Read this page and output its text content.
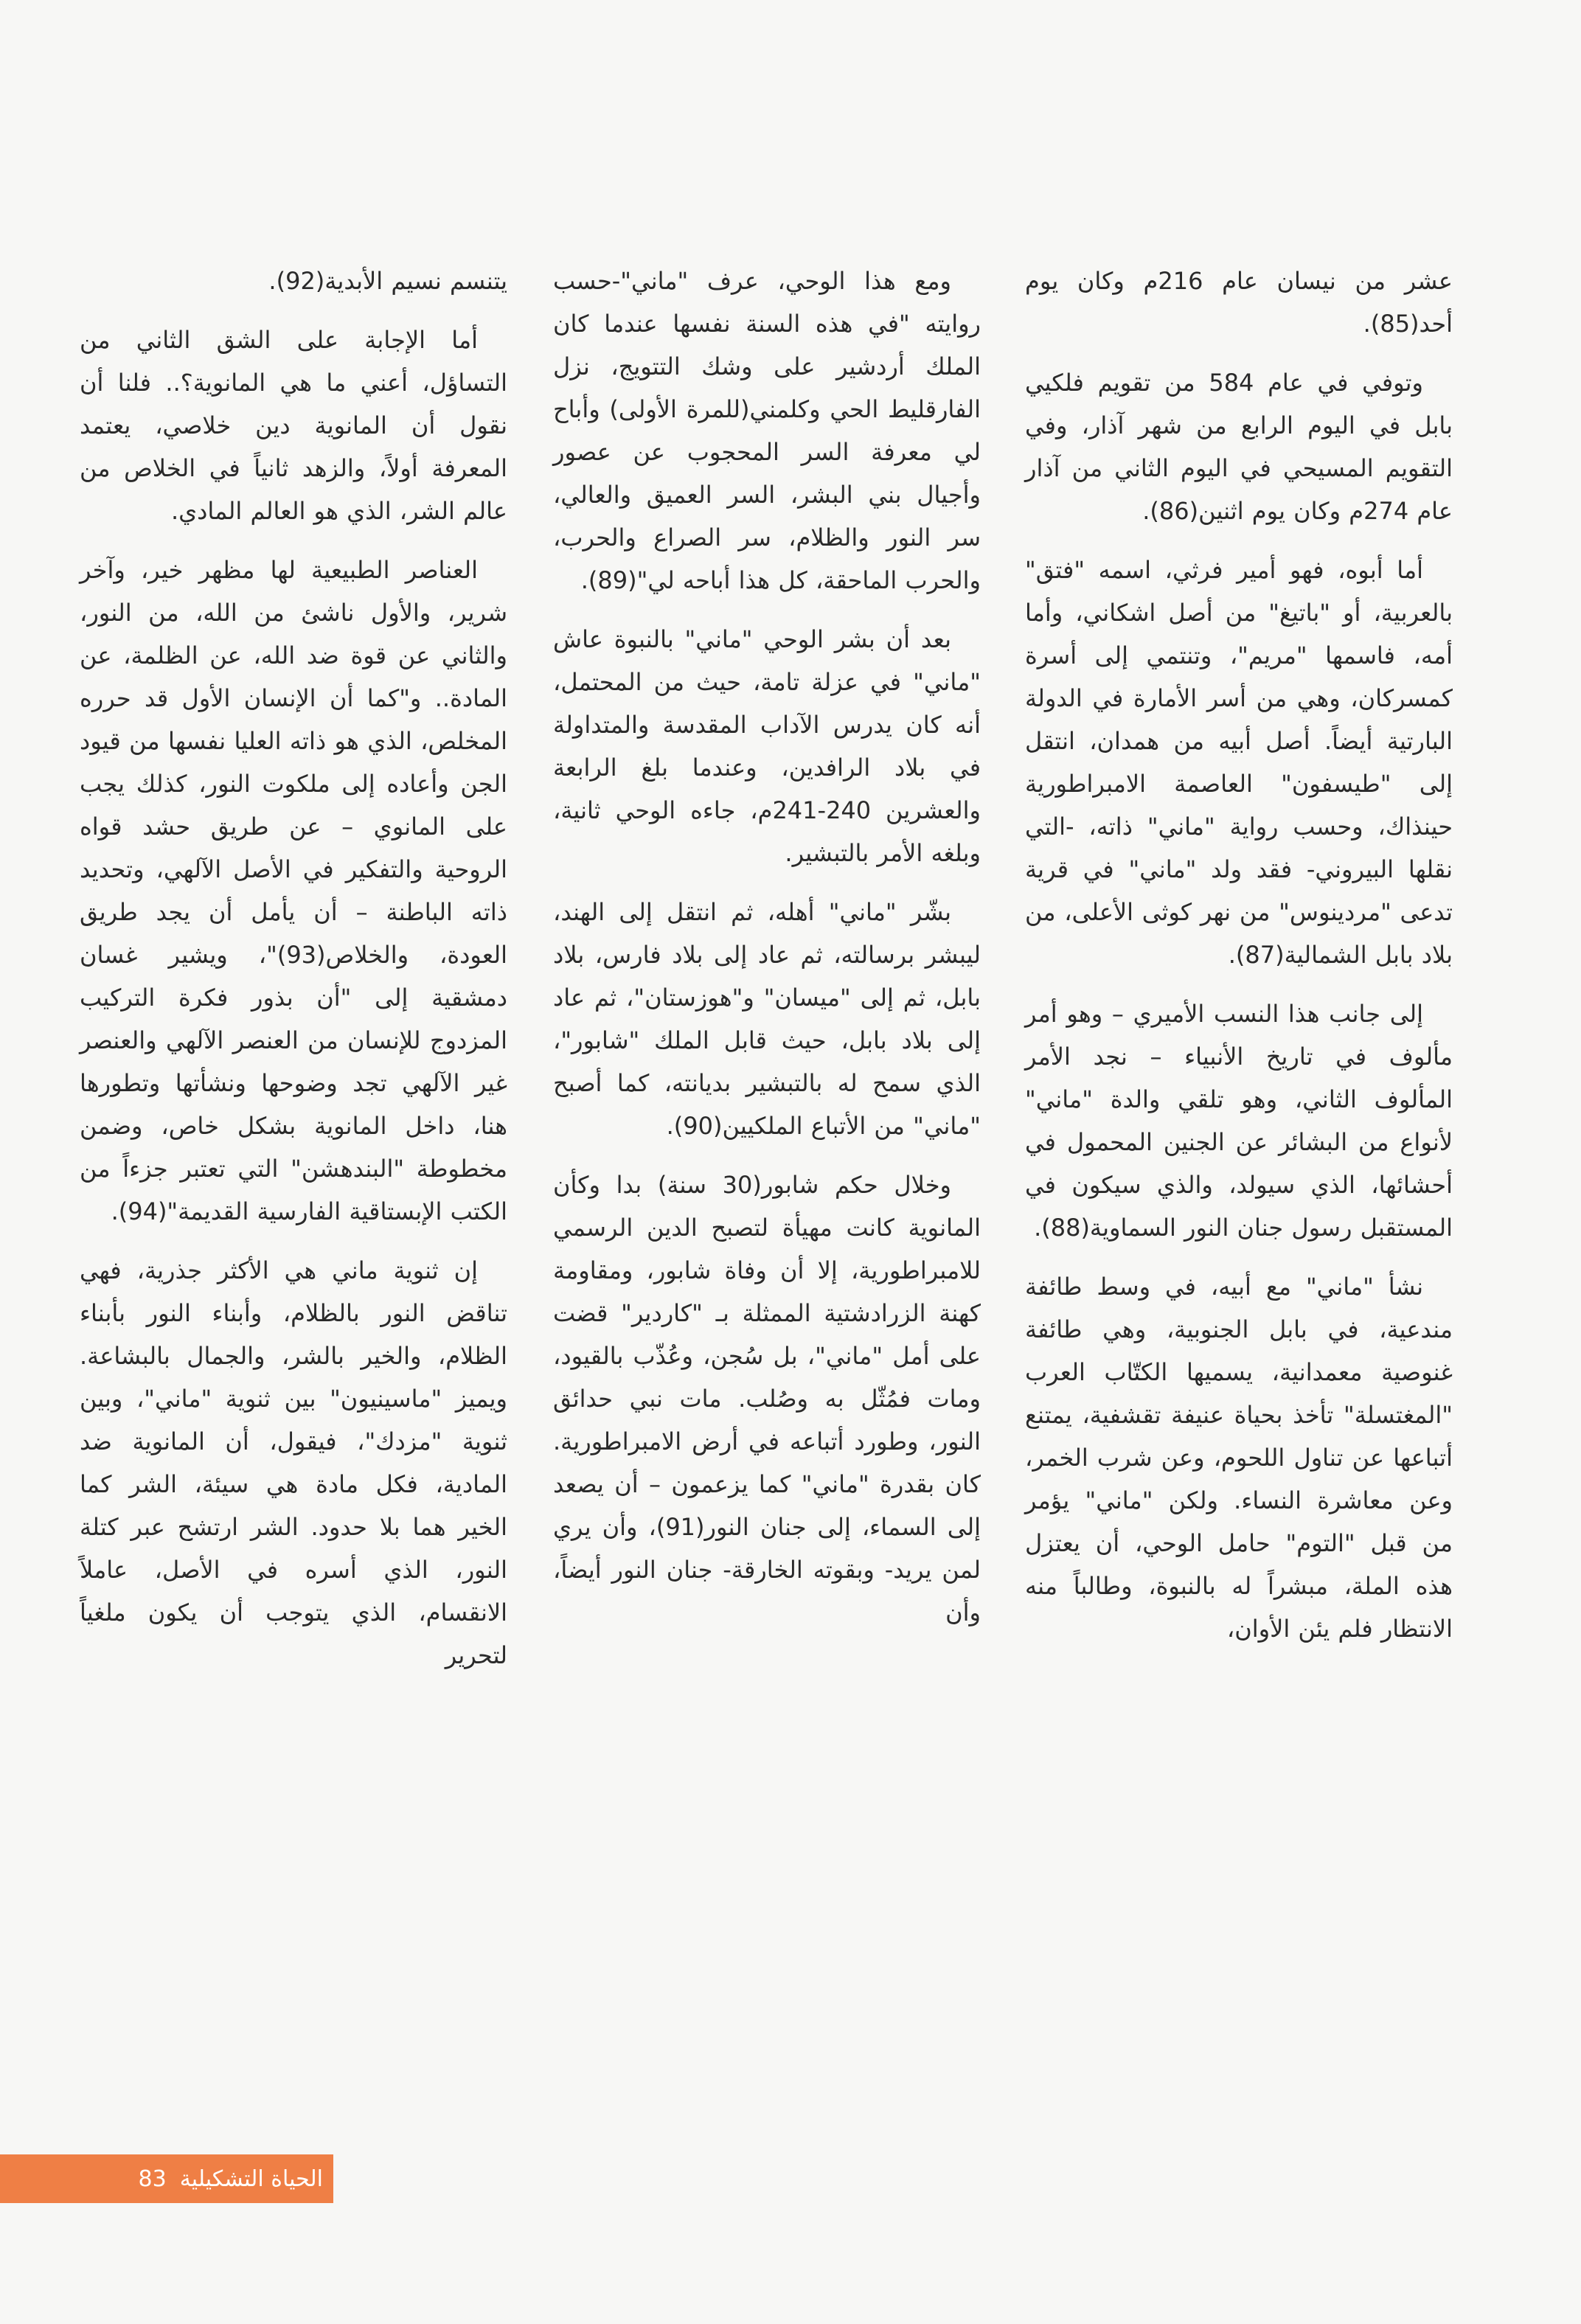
عشر من نيسان عام 216م وكان يوم أحد(85).

وتوفي في عام 584 من تقويم فلكيي بابل في اليوم الرابع من شهر آذار، وفي التقويم المسيحي في اليوم الثاني من آذار عام 274م وكان يوم اثنين(86).

أما أبوه، فهو أمير فرثي، اسمه "فتق" بالعربية، أو "باتيغ" من أصل اشكاني، وأما أمه، فاسمها "مريم"، وتنتمي إلى أسرة كمسركان، وهي من أسر الأمارة في الدولة البارتية أيضاً. أصل أبيه من همدان، انتقل إلى "طيسفون" العاصمة الامبراطورية حينذاك، وحسب رواية "ماني" ذاته، -التي نقلها البيروني- فقد ولد "ماني" في قرية تدعى "مردينوس" من نهر كوثى الأعلى، من بلاد بابل الشمالية(87).

إلى جانب هذا النسب الأميري – وهو أمر مألوف في تاريخ الأنبياء – نجد الأمر المألوف الثاني، وهو تلقي والدة "ماني" لأنواع من البشائر عن الجنين المحمول في أحشائها، الذي سيولد، والذي سيكون في المستقبل رسول جنان النور السماوية(88).

نشأ "ماني" مع أبيه، في وسط طائفة مندعية، في بابل الجنوبية، وهي طائفة غنوصية معمدانية، يسميها الكتّاب العرب "المغتسلة" تأخذ بحياة عنيفة تقشفية، يمتنع أتباعها عن تناول اللحوم، وعن شرب الخمر، وعن معاشرة النساء. ولكن "ماني" يؤمر من قبل "التوم" حامل الوحي، أن يعتزل هذه الملة، مبشراً له بالنبوة، وطالباً منه الانتظار فلم يئن الأوان،

ومع هذا الوحي، عرف "ماني"-حسب روايته "في هذه السنة نفسها عندما كان الملك أردشير على وشك التتويج، نزل الفارقليط الحي وكلمني(للمرة الأولى) وأباح لي معرفة السر المحجوب عن عصور وأجيال بني البشر، السر العميق والعالي، سر النور والظلام، سر الصراع والحرب، والحرب الماحقة، كل هذا أباحه لي"(89).

بعد أن بشر الوحي "ماني" بالنبوة عاش "ماني" في عزلة تامة، حيث من المحتمل، أنه كان يدرس الآداب المقدسة والمتداولة في بلاد الرافدين، وعندما بلغ الرابعة والعشرين 240-241م، جاءه الوحي ثانية، وبلغه الأمر بالتبشير.

بشّر "ماني" أهله، ثم انتقل إلى الهند، ليبشر برسالته، ثم عاد إلى بلاد فارس، بلاد بابل، ثم إلى "ميسان" و"هوزستان"، ثم عاد إلى بلاد بابل، حيث قابل الملك "شابور"، الذي سمح له بالتبشير بديانته، كما أصبح "ماني" من الأتباع الملكيين(90).

وخلال حكم شابور(30 سنة) بدا وكأن المانوية كانت مهيأة لتصبح الدين الرسمي للامبراطورية، إلا أن وفاة شابور، ومقاومة كهنة الزرادشتية الممثلة بـ "كاردير" قضت على أمل "ماني"، بل سُجن، وعُذّب بالقيود، ومات فمُثّل به وصُلب. مات نبي حدائق النور، وطورد أتباعه في أرض الامبراطورية. كان بقدرة "ماني" كما يزعمون – أن يصعد إلى السماء، إلى جنان النور(91)، وأن يري لمن يريد- وبقوته الخارقة- جنان النور أيضاً، وأن

يتنسم نسيم الأبدية(92).

أما الإجابة على الشق الثاني من التساؤل، أعني ما هي المانوية؟.. فلنا أن نقول أن المانوية دين خلاصي، يعتمد المعرفة أولاً، والزهد ثانياً في الخلاص من عالم الشر، الذي هو العالم المادي.

العناصر الطبيعية لها مظهر خير، وآخر شرير، والأول ناشئ من الله، من النور، والثاني عن قوة ضد الله، عن الظلمة، عن المادة.. و"كما أن الإنسان الأول قد حرره المخلص، الذي هو ذاته العليا نفسها من قيود الجن وأعاده إلى ملكوت النور، كذلك يجب على المانوي – عن طريق حشد قواه الروحية والتفكير في الأصل الآلهي، وتحديد ذاته الباطنة – أن يأمل أن يجد طريق العودة، والخلاص(93)"، ويشير غسان دمشقية إلى "أن بذور فكرة التركيب المزدوج للإنسان من العنصر الآلهي والعنصر غير الآلهي تجد وضوحها ونشأتها وتطورها هنا، داخل المانوية بشكل خاص، وضمن مخطوطة "البندهشن" التي تعتبر جزءاً من الكتب الإبستاقية الفارسية القديمة"(94).

إن ثنوية ماني هي الأكثر جذرية، فهي تناقض النور بالظلام، وأبناء النور بأبناء الظلام، والخير بالشر، والجمال بالبشاعة. ويميز "ماسينيون" بين ثنوية "ماني"، وبين ثنوية "مزدك"، فيقول، أن المانوية ضد المادية، فكل مادة هي سيئة، الشر كما الخير هما بلا حدود. الشر ارتشح عبر كتلة النور، الذي أسره في الأصل، عاملاً الانقسام، الذي يتوجب أن يكون ملغياً لتحرير

الحياة التشكيلية
83
